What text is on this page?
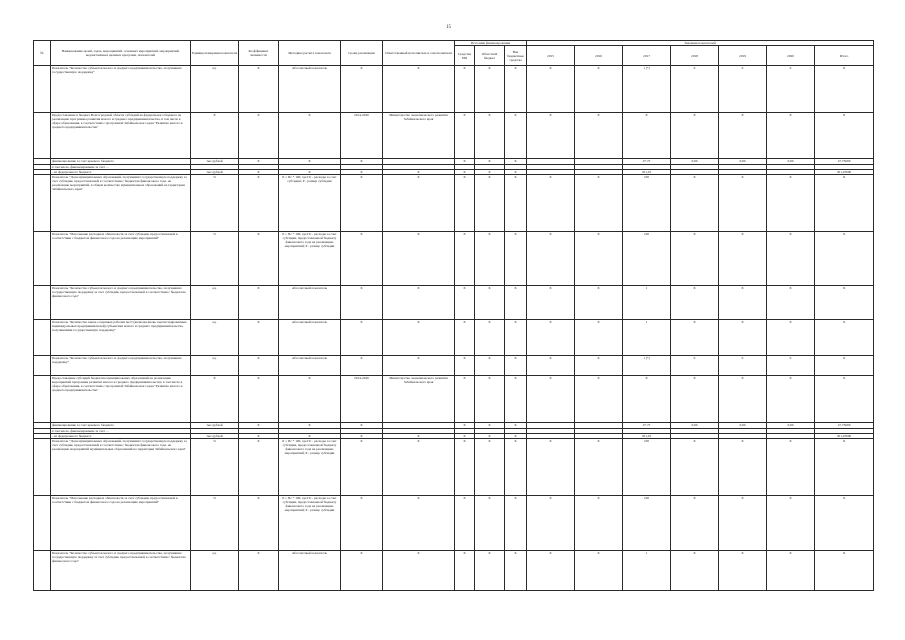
15
№	Наименование целей, задач, мероприятий, основных мероприятий, мероприятий, ведомственных целевых программ, показателей	Единица измерения показателя	Коэффициент значимости	Методика расчета показателя	Сроки реализации	Ответственный исполнитель и соисполнители	Источник финансирования			Значения показателей						
							Средства МО	Областной бюджет	Вне бюджетные средства	2015	2016	2017	2018	2019	2020	Итого
	Показатель "Количество субъектов малого и среднего предпринимательства, получивших государственную поддержку"	ед.	X	Абсолютный показатель	X	X	X	X	X	X	X	1 (*)	0	0	0	X
	Предоставление в бюджет Волгоградской области субсидий из федерального бюджета на реализацию программы развития малого и среднего предпринимательства, в том числе в сфере образования, в соответствии с программой Забайкальского края "Развитие малого и среднего предпринимательства"	X	X	X	2014-2020	Министерство экономического развития Забайкальского края	X	X	X	X	X	X	X	X	X	X
	финансирование за счет краевого бюджета	тыс.рублей	X	X	X		X	X	X			27,75	0,00	0,00	0,00	27,75000
	в том числе, финансирование за счет ...															
	- из федерального бюджета	тыс.рублей	X	X	X	X	X	X	X			451,25				451,25000
	Показатель "Доля муниципальных образований, получивших государственную поддержку за счет субсидии, предоставленной в соответствии с бюджетом финансового года, на реализацию мероприятий, в общем количестве муниципальных образований на территории Забайкальского края"	%	X	Р = Пс * 100, где Пс - расходы за счет субсидии; Р - размер субсидии	X	X	X	X	X	X	X	100	X	X	X	X
	Показатель "Исполнение расходных обязательств за счет субсидии, предоставленной в соответствии с бюджетом финансового года на реализацию мероприятий"	%	X	Р = Пс * 100, где Пс - расходы за счет субсидии, предоставленной бюджету финансового года на реализацию мероприятий; Р - размер субсидии	X	X	X	X	X	X	X	100	X	X	X	X
	Показатель "Количество субъектов малого и среднего предпринимательства, получивших государственную поддержку за счет субсидии, предоставленной в соответствии с бюджетом финансового года"	ед.	X	Абсолютный показатель	X	X	X	X	X	X	X	1	X	X	X	X
	Показатель "Количество вновь созданных рабочих мест (включая вновь зарегистрированных индивидуальных предпринимателей) субъектами малого и среднего предпринимательства, получившими государственную поддержку"	ед.	X	Абсолютный показатель	X	X	X	X	X	X	X	1	X	X	X	X
	Показатель "Количество субъектов малого и среднего предпринимательства, получивших поддержку"	ед.	X	Абсолютный показатель	X	X	X	X	X	X	X	1 (*)	0	0	0	X
	Предоставление субсидий бюджетам муниципальных образований на реализацию мероприятий программы развития малого и среднего предпринимательства, в том числе в сфере образования, в соответствии с программой Забайкальского края "Развитие малого и среднего предпринимательства"	X	X	X	2014-2020	Министерство экономического развития Забайкальского края	X	X	X	X	X	X	X	X	X	X
	финансирование за счет краевого бюджета	тыс.рублей	X	X	X		X	X	X			27,75	0,00	0,00	0,00	27,75000
	в том числе, финансирование за счет ...															
	- из федерального бюджета	тыс.рублей	X	X	X	X	X	X	X			451,25				451,25000
	Показатель "Доля муниципальных образований, получивших государственную поддержку за счет субсидии, предоставленной в соответствии с бюджетом финансового года, на реализацию мероприятий муниципальных образований на территории Забайкальского края"	%	X	Р = Пс * 100, где Пс - расходы за счет субсидии, предоставленной бюджету финансового года на реализацию мероприятий; Р - размер субсидии	X	X	X	X	X	X	X	100	X	X	X	X
	Показатель "Исполнение расходных обязательств за счет субсидии, предоставленной в соответствии с бюджетом финансового года на реализацию мероприятий"	%	X	Р = Пс * 100, где Пс - расходы за счет субсидии, предоставленной бюджету финансового года на реализацию мероприятий; Р - размер субсидии	X	X	X	X	X	X	X	100	X	X	X	X
	Показатель "Количество субъектов малого и среднего предпринимательства, получивших государственную поддержку за счет субсидии, предоставленной в соответствии с бюджетом финансового года"	ед.	X	Абсолютный показатель	X	X	X	X	X	X	X	1	X	X	X	X
